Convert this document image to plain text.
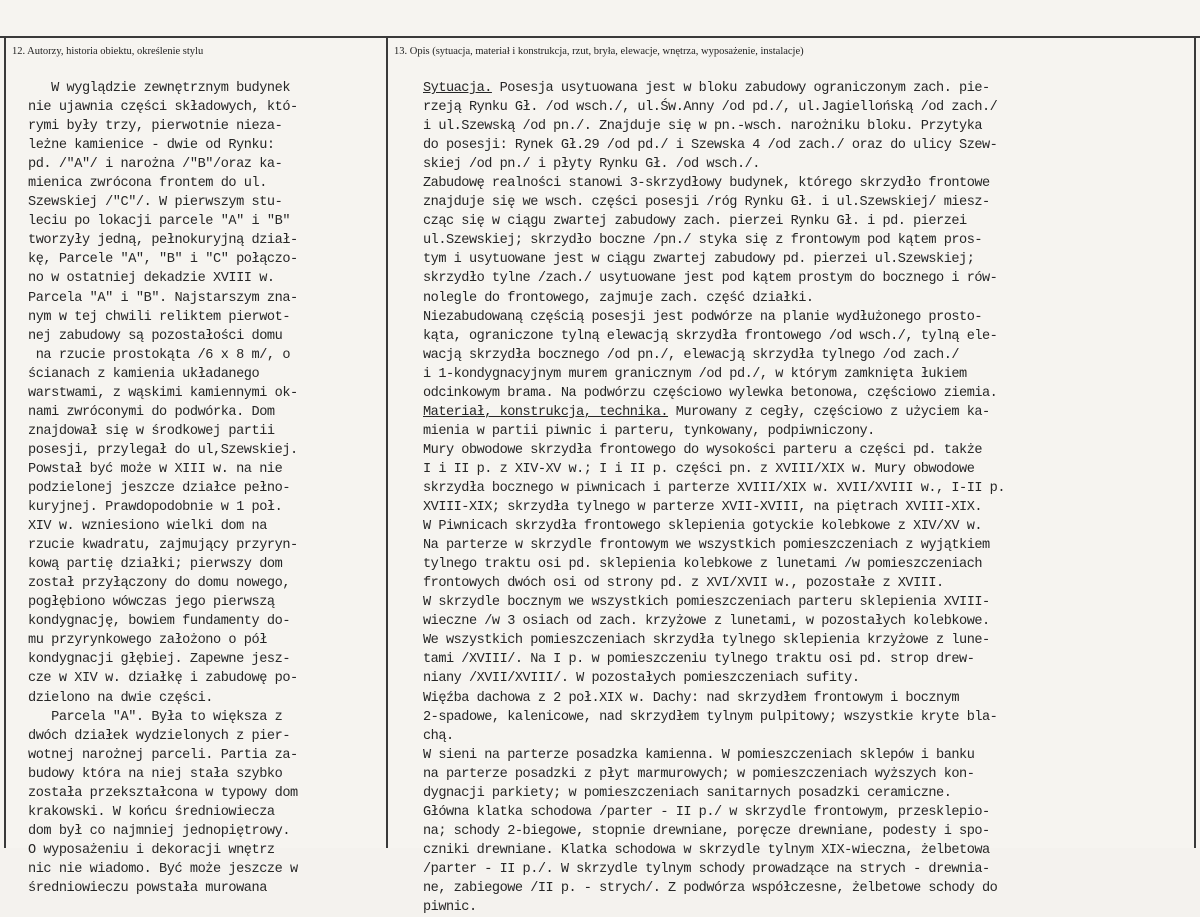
12. Autorzy, historia obiektu, określenie stylu	13. Opis (sytuacja, materiał i konstrukcja, rzut, bryła, elewacje, wnętrza, wyposażenie, instalacje)
W wyglądzie zewnętrznym budynek
nie ujawnia części składowych, któ-
rymi były trzy, pierwotnie nieza-
leżne kamienice - dwie od Rynku:
pd. /"A"/ i narożna /"B"/oraz ka-
mienica zwrócona frontem do ul.
Szewskiej /"C"/. W pierwszym stu-
leciu po lokacji parcele "A" i "B"
tworzyły jedną, pełnokuryjną dział-
kę, Parcele "A", "B" i "C" połączo-
no w ostatniej dekadzie XVIII w.
Parcela "A" i "B". Najstarszym zna-
nym w tej chwili reliktem pierwot-
nej zabudowy są pozostałości domu
na rzucie prostokąta /6 x 8 m/, o
ścianach z kamienia układanego
warstwami, z wąskimi kamiennymi ok-
nami zwróconymi do podwórka. Dom
znajdował się w środkowej partii
posesji, przylegał do ul,Szewskiej.
Powstał być może w XIII w. na nie
podzielonej jeszcze działce pełno-
kuryjnej. Prawdopodobnie w 1 poł.
XIV w. wzniesiono wielki dom na
rzucie kwadratu, zajmujący przyryn-
kową partię działki; pierwszy dom
został przyłączony do domu nowego,
pogłębiono wówczas jego pierwszą
kondygnację, bowiem fundamenty do-
mu przyrynkowego założono o pół
kondygnacji głębiej. Zapewne jesz-
cze w XIV w. działkę i zabudowę po-
dzielono na dwie części.
Parcela "A". Była to większa z
dwóch działek wydzielonych z pier-
wotnej narożnej parceli. Partia za-
budowy która na niej stała szybko
została przekształcona w typowy dom
krakowski. W końcu średniowiecza
dom był co najmniej jednopiętrowy.
O wyposażeniu i dekoracji wnętrz
nic nie wiadomo. Być może jeszcze w
średniowieczu powstała murowana
Sytuacja. Posesja usytuowana jest w bloku zabudowy ograniczonym zach. pie-
rzeją Rynku Gł. /od wsch./, ul.Św.Anny /od pd./, ul.Jagiellońską /od zach./
i ul.Szewską /od pn./. Znajduje się w pn.-wsch. narożniku bloku. Przytyka
do posesji: Rynek Gł.29 /od pd./ i Szewska 4 /od zach./ oraz do ulicy Szew-
skiej /od pn./ i płyty Rynku Gł. /od wsch./.
Zabudowę realności stanowi 3-skrzydłowy budynek, którego skrzydło frontowe
znajduje się we wsch. części posesji /róg Rynku Gł. i ul.Szewskiej/ miesz-
cząc się w ciągu zwartej zabudowy zach. pierzei Rynku Gł. i pd. pierzei
ul.Szewskiej; skrzydło boczne /pn./ styka się z frontowym pod kątem pros-
tym i usytuowane jest w ciągu zwartej zabudowy pd. pierzei ul.Szewskiej;
skrzydło tylne /zach./ usytuowane jest pod kątem prostym do bocznego i rów-
nolegle do frontowego, zajmuje zach. część działki.
Niezabudowaną częścią posesji jest podwórze na planie wydłużonego prosto-
kąta, ograniczone tylną elewacją skrzydła frontowego /od wsch./, tylną ele-
wacją skrzydła bocznego /od pn./, elewacją skrzydła tylnego /od zach./
i 1-kondygnacyjnym murem granicznym /od pd./, w którym zamknięta łukiem
odcinkowym brama. Na podwórzu częściowo wylewka betonowa, częściowo ziemia.
Materiał, konstrukcja, technika. Murowany z cegły, częściowo z użyciem ka-
mienia w partii piwnic i parteru, tynkowany, podpiwniczony.
Mury obwodowe skrzydła frontowego do wysokości parteru a części pd. także
I i II p. z XIV-XV w.; I i II p. części pn. z XVIII/XIX w. Mury obwodowe
skrzydła bocznego w piwnicach i parterze XVIII/XIX w. XVII/XVIII w., I-II p.
XVIII-XIX; skrzydła tylnego w parterze XVII-XVIII, na piętrach XVIII-XIX.
W Piwnicach skrzydła frontowego sklepienia gotyckie kolebkowe z XIV/XV w.
Na parterze w skrzydle frontowym we wszystkich pomieszczeniach z wyjątkiem
tylnego traktu osi pd. sklepienia kolebkowe z lunetami /w pomieszczeniach
frontowych dwóch osi od strony pd. z XVI/XVII w., pozostałe z XVIII.
W skrzydle bocznym we wszystkich pomieszczeniach parteru sklepienia XVIII-
wieczne /w 3 osiach od zach. krzyżowe z lunetami, w pozostałych kolebkowe.
We wszystkich pomieszczeniach skrzydła tylnego sklepienia krzyżowe z lune-
tami /XVIII/. Na I p. w pomieszczeniu tylnego traktu osi pd. strop drew-
niany /XVII/XVIII/. W pozostałych pomieszczeniach sufity.
Więźba dachowa z 2 poł.XIX w. Dachy: nad skrzydłem frontowym i bocznym
2-spadowe, kalenicowe, nad skrzydłem tylnym pulpitowy; wszystkie kryte bla-
chą.
W sieni na parterze posadzka kamienna. W pomieszczeniach sklepów i banku
na parterze posadzki z płyt marmurowych; w pomieszczeniach wyższych kon-
dygnacji parkiety; w pomieszczeniach sanitarnych posadzki ceramiczne.
Główna klatka schodowa /parter - II p./ w skrzydle frontowym, przesklepio-
na; schody 2-biegowe, stopnie drewniane, poręcze drewniane, podesty i spo-
czniki drewniane. Klatka schodowa w skrzydle tylnym XIX-wieczna, żelbetowa
/parter - II p./. W skrzydle tylnym schody prowadzące na strych - drewnia-
ne, zabiegowe /II p. - strych/. Z podwórza współczesne, żelbetowe schody do
piwnic.
